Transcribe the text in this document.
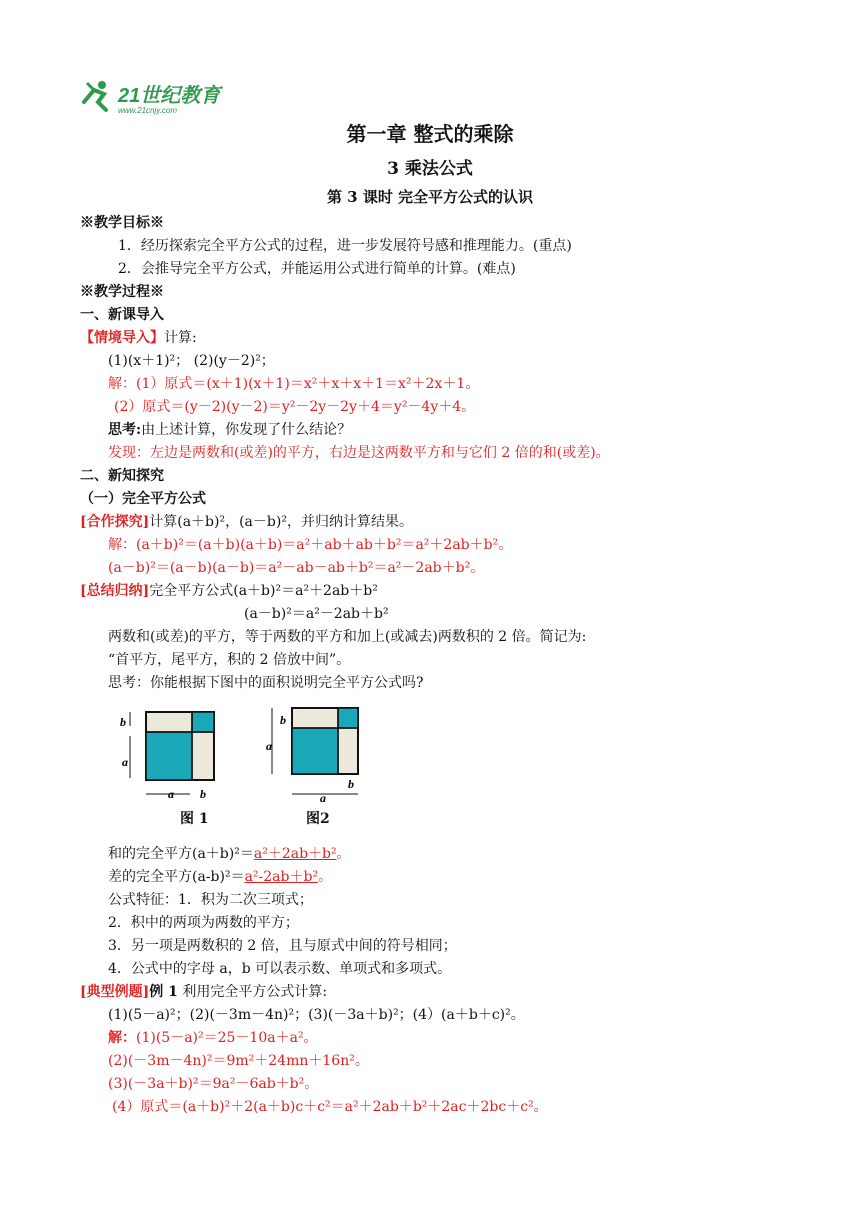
21世纪教育
www.21cnjy.com
第一章 整式的乘除
3 乘法公式
第 3 课时 完全平方公式的认识
※教学目标※
1．经历探索完全平方公式的过程，进一步发展符号感和推理能力。(重点)
2．会推导完全平方公式，并能运用公式进行简单的计算。(难点)
※教学过程※
一、新课导入
【情境导入】计算:
(1)(x＋1)²； (2)(y－2)²；
解：(1）原式＝(x＋1)(x＋1)＝x²＋x＋x＋1＝x²＋2x＋1。
(2）原式＝(y－2)(y－2)＝y²－2y－2y＋4＝y²－4y＋4。
思考:由上述计算，你发现了什么结论？
发现：左边是两数和(或差)的平方，右边是这两数平方和与它们 2 倍的和(或差)。
二、新知探究
（一）完全平方公式
[合作探究]计算(a＋b)²，(a－b)²，并归纳计算结果。
解：(a＋b)²＝(a＋b)(a＋b)＝a²＋ab＋ab＋b²＝a²＋2ab＋b²。
(a－b)²＝(a－b)(a－b)＝a²－ab－ab＋b²＝a²－2ab＋b²。
[总结归纳]完全平方公式(a＋b)²＝a²＋2ab＋b²
(a－b)²＝a²－2ab＋b²
两数和(或差)的平方，等于两数的平方和加上(或减去)两数积的 2 倍。简记为:
“首平方，尾平方，积的 2 倍放中间”。
思考：你能根据下图中的面积说明完全平方公式吗?
b
a
a b
图 1
b
a
a
b
图2
和的完全平方(a＋b)²＝a²＋2ab＋b²。
差的完全平方(a-b)²＝a²-2ab＋b²。
公式特征：1．积为二次三项式；
2．积中的两项为两数的平方；
3．另一项是两数积的 2 倍，且与原式中间的符号相同；
4．公式中的字母 a，b 可以表示数、单项式和多项式。
[典型例题]例 1 利用完全平方公式计算:
(1)(5－a)²；(2)(－3m－4n)²；(3)(－3a＋b)²；(4）(a＋b＋c)²。
解：(1)(5－a)²＝25－10a＋a²。
(2)(－3m－4n)²＝9m²＋24mn＋16n²。
(3)(－3a＋b)²＝9a²－6ab＋b²。
(4）原式＝(a＋b)²＋2(a＋b)c＋c²＝a²＋2ab＋b²＋2ac＋2bc＋c²。
